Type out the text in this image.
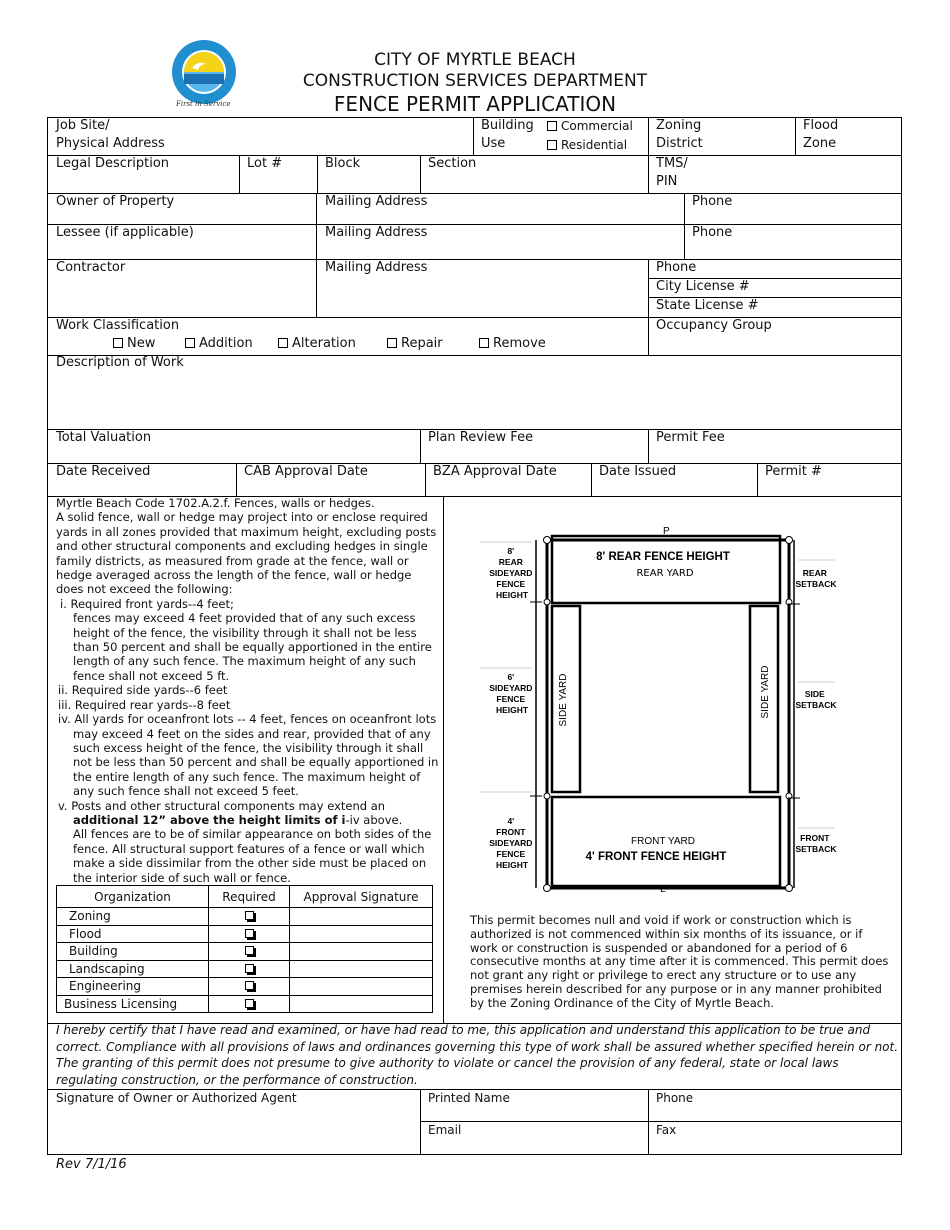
First in Service
CITY OF MYRTLE BEACH
CONSTRUCTION SERVICES DEPARTMENT
FENCE PERMIT APPLICATION
Job Site/
Physical Address
Building
Use
Commercial
Residential
Zoning
District
Flood
Zone
Legal Description	Lot #	Block	Section	TMS/
PIN
Owner of Property	Mailing Address	Phone
Lessee (if applicable)	Mailing Address	Phone
Contractor	Mailing Address	Phone
City License #
State License #
Work Classification
New	Addition	Alteration	Repair	Remove
Occupancy Group
Description of Work
Total Valuation	Plan Review Fee	Permit Fee
Date Received	CAB Approval Date	BZA Approval Date	Date Issued	Permit #

Myrtle Beach Code 1702.A.2.f. Fences, walls or hedges.

A solid fence, wall or hedge may project into or enclose required yards in all zones provided that maximum height, excluding posts and other structural components and excluding hedges in single family districts, as measured from grade at the fence, wall or hedge averaged across the length of the fence, wall or hedge does not exceed the following:

i. Required front yards--4 feet;

fences may exceed 4 feet provided that of any such excess height of the fence, the visibility through it shall not be less than 50 percent and shall be equally apportioned in the entire length of any such fence. The maximum height of any such fence shall not exceed 5 ft.

ii. Required side yards--6 feet

iii. Required rear yards--8 feet

iv. All yards for oceanfront lots -- 4 feet, fences on oceanfront lots may exceed 4 feet on the sides and rear, provided that of any such excess height of the fence, the visibility through it shall not be less than 50 percent and shall be equally apportioned in the entire length of any such fence. The maximum height of any such fence shall not exceed 5 feet.

v. Posts and other structural components may extend an

additional 12” above the height limits of i-iv above.

All fences are to be of similar appearance on both sides of the fence. All structural support features of a fence or wall which make a side dissimilar from the other side must be placed on the interior side of such wall or fence.

Organization	Required	Approval Signature
Zoning		
Flood		
Building		
Landscaping		
Engineering		
Business Licensing		
P
L
8' REAR SIDEYARD FENCE HEIGHT
6' SIDEYARD FENCE HEIGHT
4' FRONT SIDEYARD FENCE HEIGHT
REAR SETBACK
SIDE SETBACK
FRONT SETBACK
8' REAR FENCE HEIGHT
REAR YARD
SIDE YARD	SIDE YARD
FRONT YARD
4' FRONT FENCE HEIGHT
This permit becomes null and void if work or construction which is authorized is not commenced within six months of its issuance, or if work or construction is suspended or abandoned for a period of 6 consecutive months at any time after it is commenced. This permit does not grant any right or privilege to erect any structure or to use any premises herein described for any purpose or in any manner prohibited by the Zoning Ordinance of the City of Myrtle Beach.
I hereby certify that I have read and examined, or have had read to me, this application and understand this application to be true and correct. Compliance with all provisions of laws and ordinances governing this type of work shall be assured whether specified herein or not. The granting of this permit does not presume to give authority to violate or cancel the provision of any federal, state or local laws regulating construction, or the performance of construction.
Signature of Owner or Authorized Agent	Printed Name	Phone
Email	Fax
Rev 7/1/16
